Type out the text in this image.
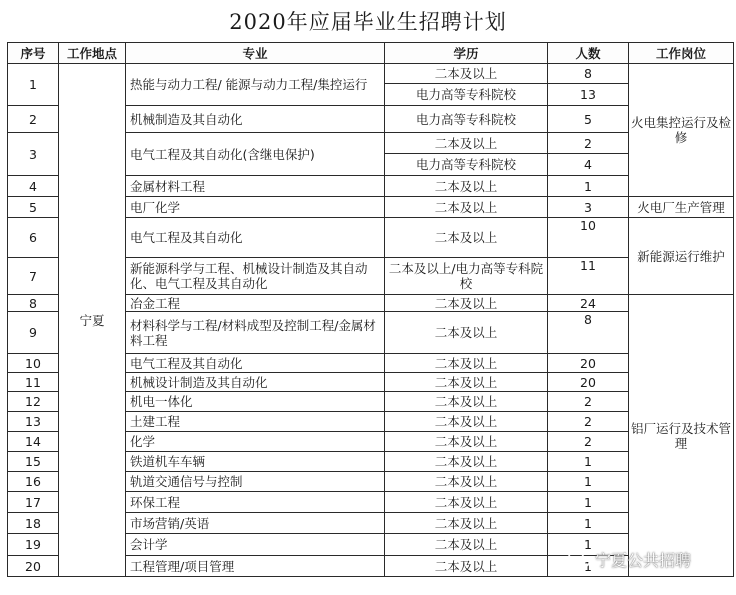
2020年应届毕业生招聘计划
序号	工作地点	专业	学历	人数	工作岗位
1	宁夏	热能与动力工程/ 能源与动力工程/集控运行	二本及以上	8	火电集控运行及检修
			电力高等专科院校	13	
2		机械制造及其自动化	电力高等专科院校	5	
3		电气工程及其自动化(含继电保护)	二本及以上	2	
			电力高等专科院校	4	
4		金属材料工程	二本及以上	1	
5		电厂化学	二本及以上	3	火电厂生产管理
6		电气工程及其自动化	二本及以上	10	新能源运行维护
7		新能源科学与工程、机械设计制造及其自动化、电气工程及其自动化	二本及以上/电力高等专科院校	11	
8		冶金工程	二本及以上	24	铝厂运行及技术管理
9		材料科学与工程/材料成型及控制工程/金属材料工程	二本及以上	8	
10		电气工程及其自动化	二本及以上	20	
11		机械设计制造及其自动化	二本及以上	20	
12		机电一体化	二本及以上	2	
13		土建工程	二本及以上	2	
14		化学	二本及以上	2	
15		铁道机车车辆	二本及以上	1	
16		轨道交通信号与控制	二本及以上	1	
17		环保工程	二本及以上	1	
18		市场营销/英语	二本及以上	1	
19		会计学	二本及以上	1	
20		工程管理/项目管理	二本及以上	1	宁夏公共招聘
